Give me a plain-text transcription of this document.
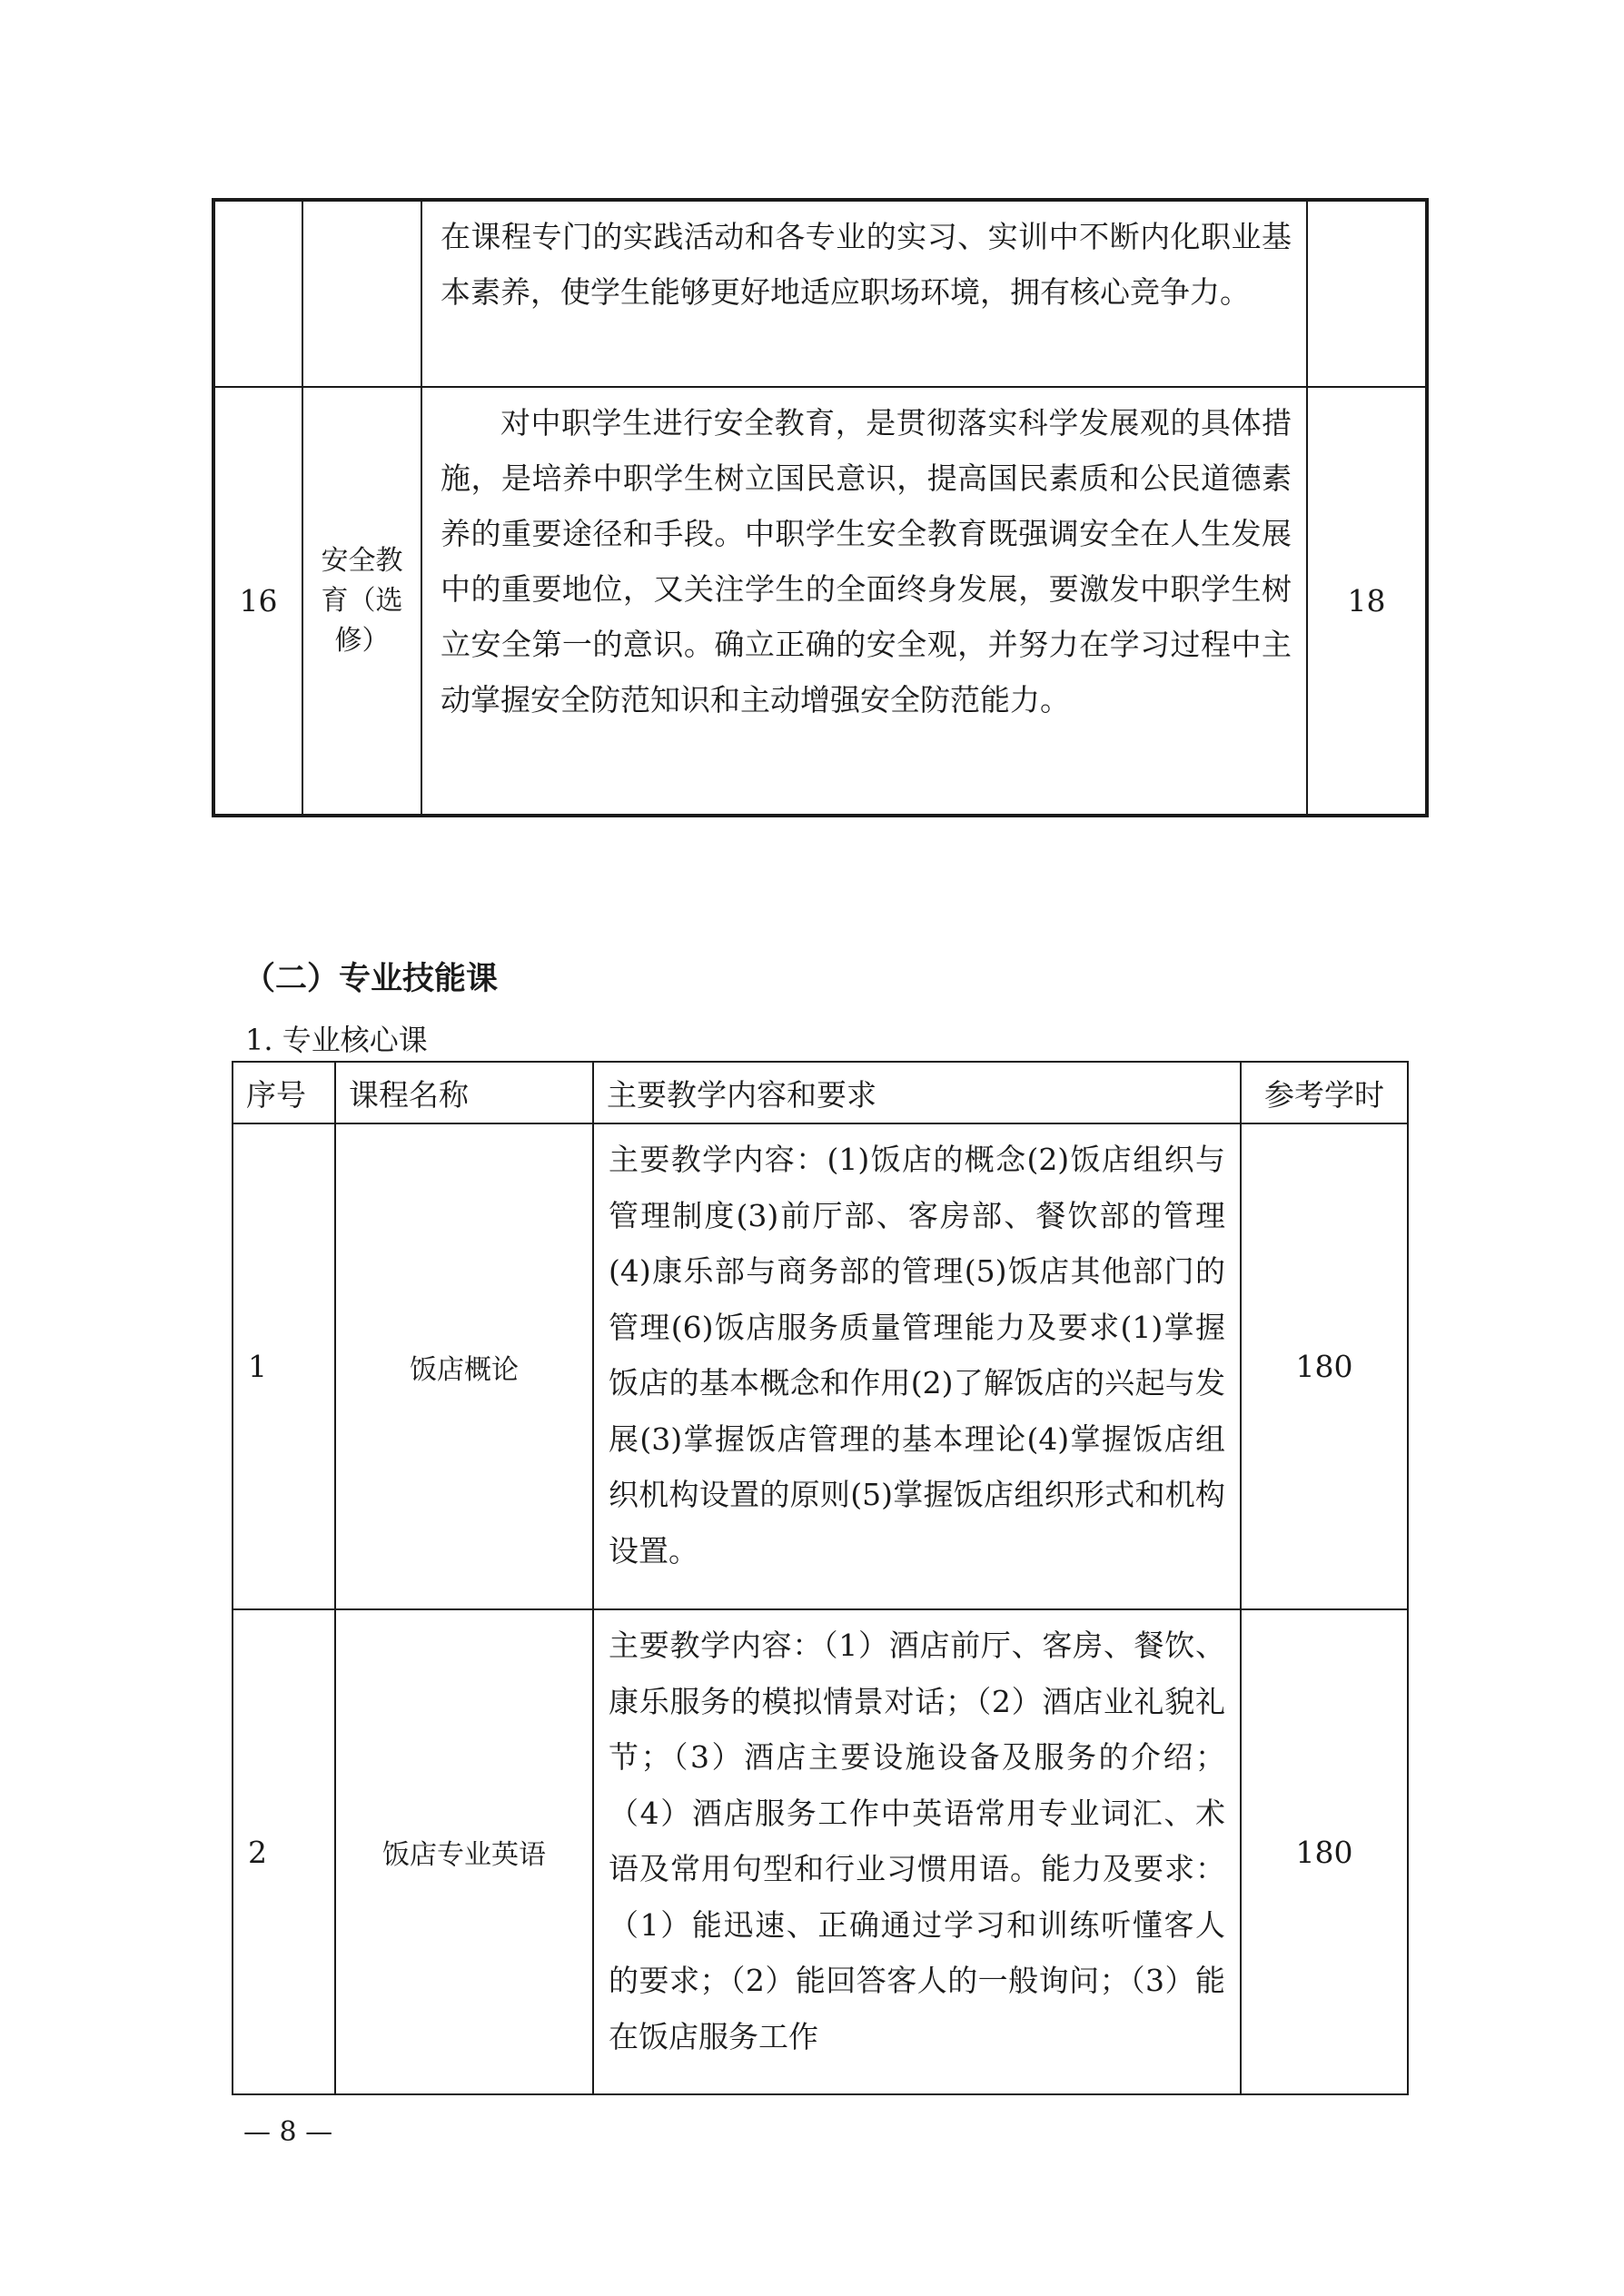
		在课程专门的实践活动和各专业的实习、实训中不断内化职业基本素养，使学生能够更好地适应职场环境，拥有核心竞争力。	
16	安全教育（选修）	对中职学生进行安全教育，是贯彻落实科学发展观的具体措施，是培养中职学生树立国民意识，提高国民素质和公民道德素养的重要途径和手段。中职学生安全教育既强调安全在人生发展中的重要地位，又关注学生的全面终身发展，要激发中职学生树立安全第一的意识。确立正确的安全观，并努力在学习过程中主动掌握安全防范知识和主动增强安全防范能力。	18
（二）专业技能课

1. 专业核心课

序号	课程名称	主要教学内容和要求	参考学时
1	饭店概论	主要教学内容：(1)饭店的概念(2)饭店组织与管理制度(3)前厅部、客房部、餐饮部的管理(4)康乐部与商务部的管理(5)饭店其他部门的管理(6)饭店服务质量管理能力及要求(1)掌握饭店的基本概念和作用(2)了解饭店的兴起与发展(3)掌握饭店管理的基本理论(4)掌握饭店组织机构设置的原则(5)掌握饭店组织形式和机构设置。	180
2	饭店专业英语	主要教学内容：（1）酒店前厅、客房、餐饮、康乐服务的模拟情景对话；（2）酒店业礼貌礼节；（3）酒店主要设施设备及服务的介绍；（4）酒店服务工作中英语常用专业词汇、术语及常用句型和行业习惯用语。能力及要求：（1）能迅速、正确通过学习和训练听懂客人的要求；（2）能回答客人的一般询问；（3）能在饭店服务工作	180

— 8 —
